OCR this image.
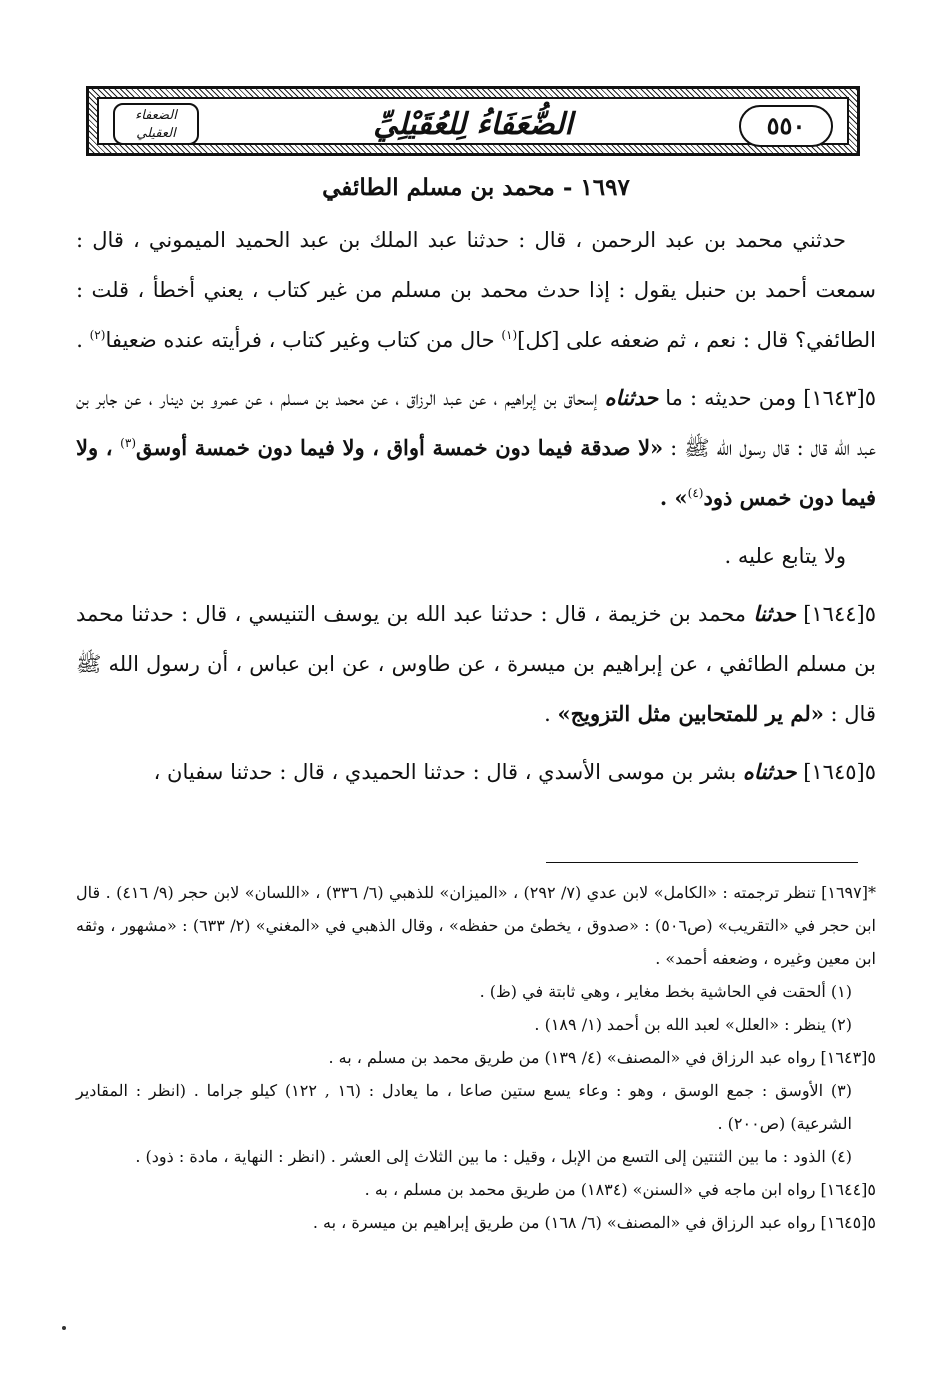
الضعفاء العقيلي	الضُّعَفَاءُ لِلعُقَيْلِيِّ	٥٥٠
١٦٩٧ - محمد بن مسلم الطائفي

حدثني محمد بن عبد الرحمن ، قال : حدثنا عبد الملك بن عبد الحميد الميموني ، قال : سمعت أحمد بن حنبل يقول : إذا حدث محمد بن مسلم من غير كتاب ، يعني أخطأ ، قلت : الطائفي؟ قال : نعم ، ثم ضعفه على [كل]$^{(١)}$ حال من كتاب وغير كتاب ، فرأيته عنده ضعيفا$^{(٢)}$ .

٥[١٦٤٣] ومن حديثه : ما حدثناه إسحاق بن إبراهيم ، عن عبد الرزاق ، عن محمد بن مسلم ، عن عمرو بن دينار ، عن جابر بن عبد الله قال : قال رسول الله ﷺ : «لا صدقة فيما دون خمسة أواق ، ولا فيما دون خمسة أوسق$^{(٣)}$ ، ولا فيما دون خمس ذود$^{(٤)}$» .

ولا يتابع عليه .

٥[١٦٤٤] حدثنا محمد بن خزيمة ، قال : حدثنا عبد الله بن يوسف التنيسي ، قال : حدثنا محمد بن مسلم الطائفي ، عن إبراهيم بن ميسرة ، عن طاوس ، عن ابن عباس ، أن رسول الله ﷺ قال : «لم ير للمتحابين مثل التزويج» .

٥[١٦٤٥] حدثناه بشر بن موسى الأسدي ، قال : حدثنا الحميدي ، قال : حدثنا سفيان ،

*[١٦٩٧] تنظر ترجمته : «الكامل» لابن عدي (٧/ ٢٩٢) ، «الميزان» للذهبي (٦/ ٣٣٦) ، «اللسان» لابن حجر (٩/ ٤١٦) . قال ابن حجر في «التقريب» (ص٥٠٦) : «صدوق ، يخطئ من حفظه» ، وقال الذهبي في «المغني» (٢/ ٦٣٣) : «مشهور ، وثقه ابن معين وغيره ، وضعفه أحمد» .

(١) ألحقت في الحاشية بخط مغاير ، وهي ثابتة في (ظ) .

(٢) ينظر : «العلل» لعبد الله بن أحمد (١/ ١٨٩) .

٥[١٦٤٣] رواه عبد الرزاق في «المصنف» (٤/ ١٣٩) من طريق محمد بن مسلم ، به .

(٣) الأوسق : جمع الوسق ، وهو : وعاء يسع ستين صاعا ، ما يعادل : (١٦ , ١٢٢) كيلو جراما . (انظر : المقادير الشرعية) (ص٢٠٠) .

(٤) الذود : ما بين الثنتين إلى التسع من الإبل ، وقيل : ما بين الثلاث إلى العشر . (انظر : النهاية ، مادة : ذود) .

٥[١٦٤٤] رواه ابن ماجه في «السنن» (١٨٣٤) من طريق محمد بن مسلم ، به .

٥[١٦٤٥] رواه عبد الرزاق في «المصنف» (٦/ ١٦٨) من طريق إبراهيم بن ميسرة ، به .
